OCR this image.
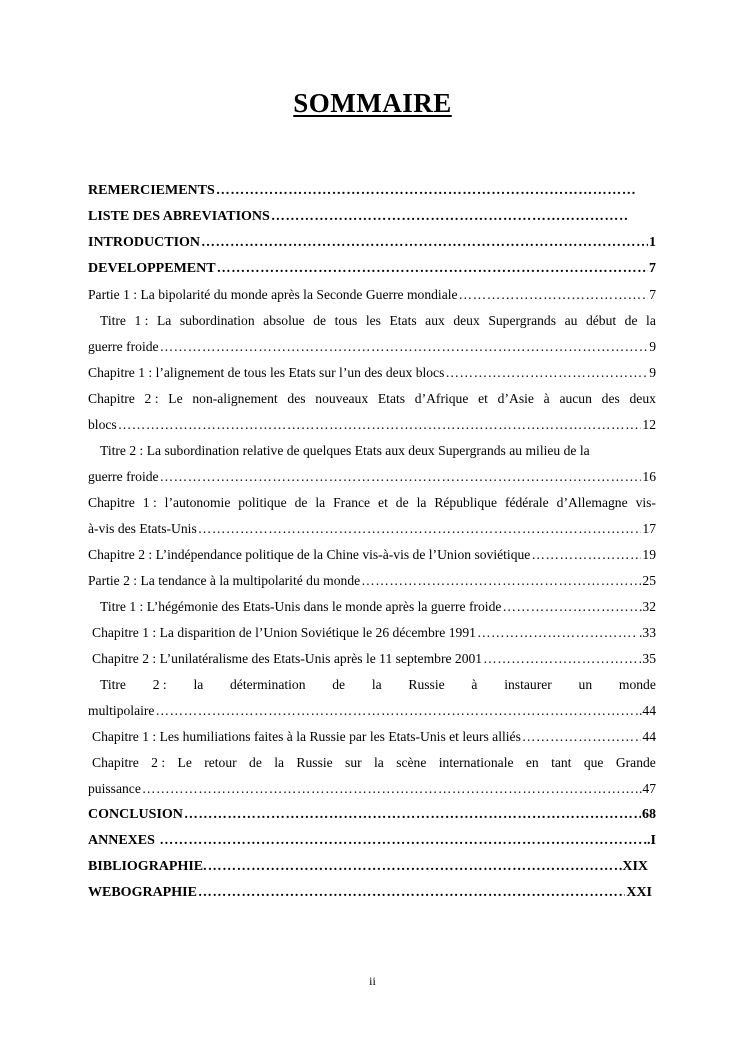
SOMMAIRE
REMERCIEMENTS
………………………………………………………………………………………………………………………………………………………………………………………
LISTE DES ABREVIATIONS
………………………………………………………………………………………………………………………………………………………………………………………
INTRODUCTION ………………………………………………………………………………………………………………………………………………………………………………………	1
DEVELOPPEMENT ………………………………………………………………………………………………………………………………………………………………………………………	7
Partie 1 : La bipolarité du monde après la Seconde Guerre mondiale ………………………………………………………………………………………………………………………………………………………………………………………	7
Titre 1 : La subordination absolue de tous les Etats aux deux Supergrands au début de la
guerre froide ………………………………………………………………………………………………………………………………………………………………………………………	9
Chapitre 1 : l’alignement de tous les Etats sur l’un des deux blocs ………………………………………………………………………………………………………………………………………………………………………………………	9
Chapitre 2 : Le non-alignement des nouveaux Etats d’Afrique et d’Asie à aucun des deux
blocs ………………………………………………………………………………………………………………………………………………………………………………………	12
Titre 2 : La subordination relative de quelques Etats aux deux Supergrands au milieu de la
guerre froide ………………………………………………………………………………………………………………………………………………………………………………………	16
Chapitre 1 : l’autonomie politique de la France et de la République fédérale d’Allemagne vis-
à-vis des Etats-Unis ………………………………………………………………………………………………………………………………………………………………………………………	17
Chapitre 2 : L’indépendance politique de la Chine vis-à-vis de l’Union soviétique ………………………………………………………………………………………………………………………………………………………………………………………	19
Partie 2 : La tendance à la multipolarité du monde ………………………………………………………………………………………………………………………………………………………………………………………	25
Titre 1 : L’hégémonie des Etats-Unis dans le monde après la guerre froide ………………………………………………………………………………………………………………………………………………………………………………………	.32
Chapitre 1 : La disparition de l’Union Soviétique le 26 décembre 1991 ………………………………………………………………………………………………………………………………………………………………………………………	.33
Chapitre 2 : L’unilatéralisme des Etats-Unis après le 11 septembre 2001 ………………………………………………………………………………………………………………………………………………………………………………………	35
Titre 2 : la détermination de la Russie à instaurer un monde
multipolaire ………………………………………………………………………………………………………………………………………………………………………………………	.44
Chapitre 1 : Les humiliations faites à la Russie par les Etats-Unis et leurs alliés ………………………………………………………………………………………………………………………………………………………………………………………	44
Chapitre 2 : Le retour de la Russie sur la scène internationale en tant que Grande
puissance ………………………………………………………………………………………………………………………………………………………………………………………	….47
CONCLUSION ………………………………………………………………………………………………………………………………………………………………………………………	68
ANNEXES ………………………………………………………………………………………………………………………………………………………………………………………	..I
BIBLIOGRAPHIE. ………………………………………………………………………………………………………………………………………………………………………………………	.XIX
WEBOGRAPHIE ………………………………………………………………………………………………………………………………………………………………………………………	XXI
ii
